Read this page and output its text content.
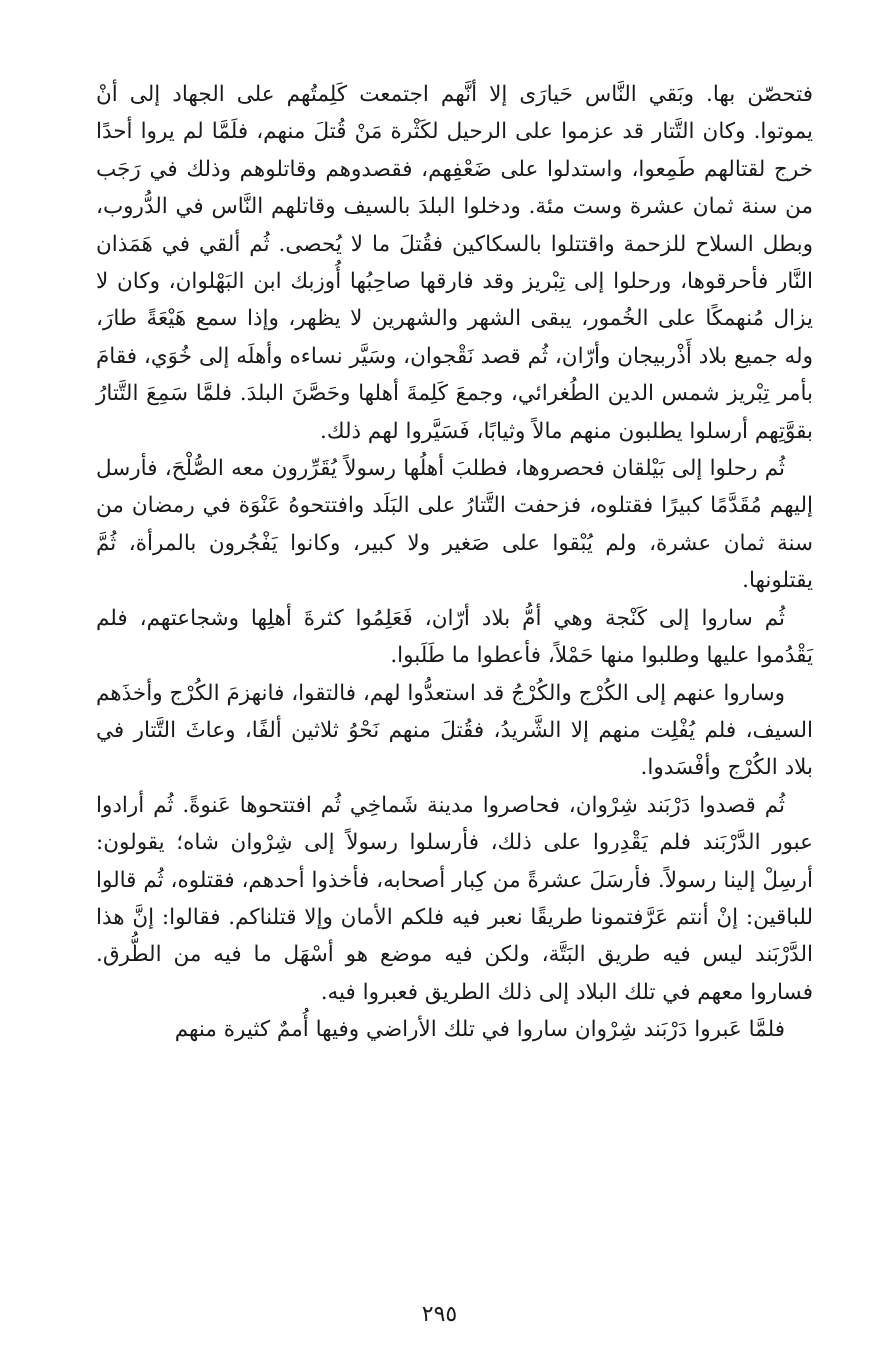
فتحصّن بها. وبَقي النَّاس حَيارَى إلا أنَّهم اجتمعت كَلِمتُهم على الجهاد إلى أنْ يموتوا. وكان التَّتار قد عزموا على الرحيل لكَثْرة مَنْ قُتلَ منهم، فلَمَّا لم يروا أحدًا خرج لقتالهم طَمِعوا، واستدلوا على ضَعْفِهم، فقصدوهم وقاتلوهم وذلك في رَجَب من سنة ثمان عشرة وست مئة. ودخلوا البلدَ بالسيف وقاتلهم النَّاس في الدُّروب، وبطل السلاح للزحمة واقتتلوا بالسكاكين فقُتلَ ما لا يُحصى. ثُم ألقي في هَمَذان النَّار فأحرقوها، ورحلوا إلى تِبْريز وقد فارقها صاحِبُها أُوزبك ابن البَهْلوان، وكان لا يزال مُنهمكًا على الخُمور، يبقى الشهر والشهرين لا يظهر، وإذا سمع هَيْعَةً طارَ، وله جميع بلاد أَذْربيجان وأرّان، ثُم قصد نَقْجوان، وسَيَّر نساءه وأهلَه إلى خُوَي، فقامَ بأمر تِبْريز شمس الدين الطُغرائي، وجمعَ كَلِمةَ أهلها وحَصَّنَ البلدَ. فلمَّا سَمِعَ التَّتارُ بقوَّتِهم أرسلوا يطلبون منهم مالاً وثيابًا، فَسَيَّروا لهم ذلك.

ثُم رحلوا إلى بَيْلقان فحصروها، فطلبَ أهلُها رسولاً يُقَرِّرون معه الصُّلْحَ، فأرسل إليهم مُقَدَّمًا كبيرًا فقتلوه، فزحفت التَّتارُ على البَلَد وافتتحوهُ عَنْوَة في رمضان من سنة ثمان عشرة، ولم يُبْقوا على صَغير ولا كبير، وكانوا يَفْجُرون بالمرأة، ثُمَّ يقتلونها.

ثُم ساروا إلى كَنْجة وهي أمُّ بلاد أرّان، فَعَلِمُوا كثرةَ أهلِها وشجاعتهم، فلم يَقْدُموا عليها وطلبوا منها حَمْلاً، فأعطوا ما طَلَبوا.

وساروا عنهم إلى الكُرْج والكُرْجُ قد استعدُّوا لهم، فالتقوا، فانهزمَ الكُرْج وأخذَهم السيف، فلم يُفْلِت منهم إلا الشَّريدُ، فقُتلَ منهم نَحْوُ ثلاثين ألفًا، وعاثَ التَّتار في بلاد الكُرْج وأفْسَدوا.

ثُم قصدوا دَرْبَند شِرْوان، فحاصروا مدينة شَماخِي ثُم افتتحوها عَنوةً. ثُم أرادوا عبور الدَّرْبَند فلم يَقْدِروا على ذلك، فأرسلوا رسولاً إلى شِرْوان شاه؛ يقولون: أرسِلْ إلينا رسولاً. فأرسَلَ عشرةً من كِبار أصحابه، فأخذوا أحدهم، فقتلوه، ثُم قالوا للباقين: إنْ أنتم عَرَّفتمونا طريقًا نعبر فيه فلكم الأمان وإلا قتلناكم. فقالوا: إنَّ هذا الدَّرْبَند ليس فيه طريق البَتَّة، ولكن فيه موضع هو أسْهَل ما فيه من الطُّرق. فساروا معهم في تلك البلاد إلى ذلك الطريق فعبروا فيه.

فلمَّا عَبروا دَرْبَند شِرْوان ساروا في تلك الأراضي وفيها أُممٌ كثيرة منهم

٢٩٥
